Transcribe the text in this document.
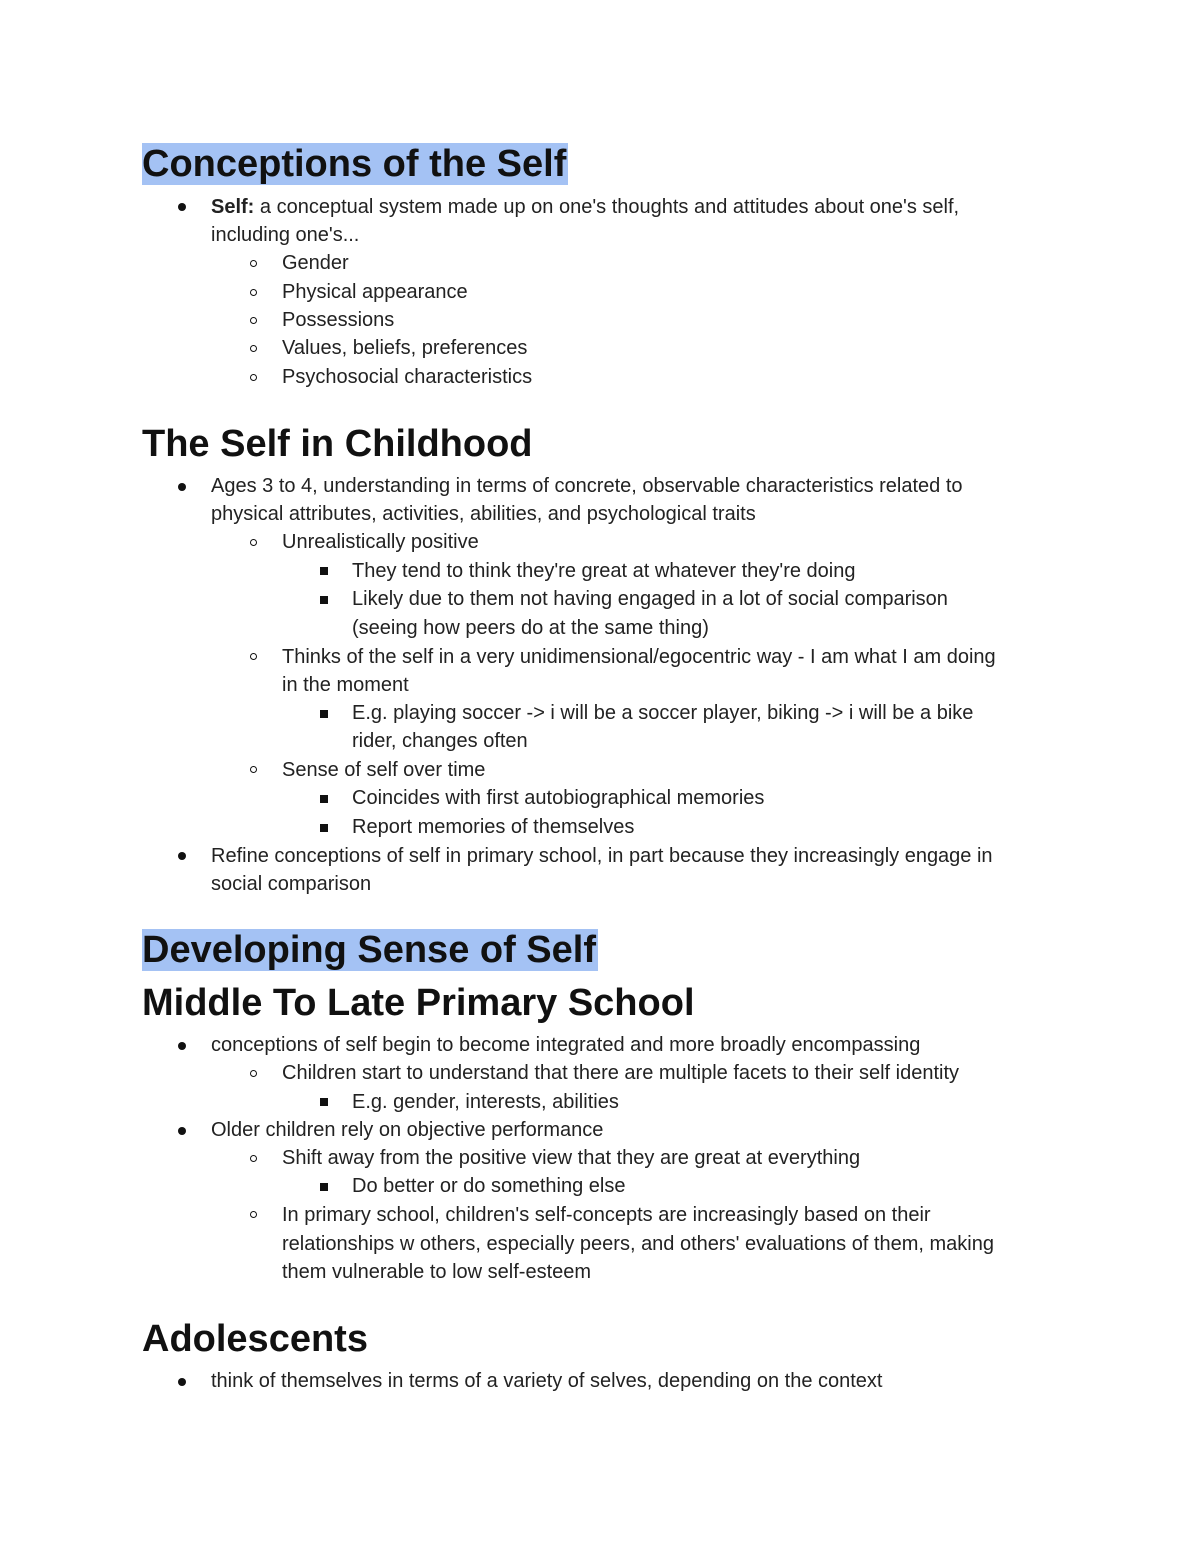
Conceptions of the Self
Self: a conceptual system made up on one's thoughts and attitudes about one's self,
including one's...
Gender
Physical appearance
Possessions
Values, beliefs, preferences
Psychosocial characteristics
The Self in Childhood
Ages 3 to 4, understanding in terms of concrete, observable characteristics related to
physical attributes, activities, abilities, and psychological traits
Unrealistically positive
They tend to think they're great at whatever they're doing
Likely due to them not having engaged in a lot of social comparison
(seeing how peers do at the same thing)
Thinks of the self in a very unidimensional/egocentric way - I am what I am doing
in the moment
E.g. playing soccer -> i will be a soccer player, biking -> i will be a bike
rider, changes often
Sense of self over time
Coincides with first autobiographical memories
Report memories of themselves
Refine conceptions of self in primary school, in part because they increasingly engage in
social comparison
Developing Sense of Self
Middle To Late Primary School
conceptions of self begin to become integrated and more broadly encompassing
Children start to understand that there are multiple facets to their self identity
E.g. gender, interests, abilities
Older children rely on objective performance
Shift away from the positive view that they are great at everything
Do better or do something else
In primary school, children's self-concepts are increasingly based on their
relationships w others, especially peers, and others' evaluations of them, making
them vulnerable to low self-esteem
Adolescents
think of themselves in terms of a variety of selves, depending on the context
